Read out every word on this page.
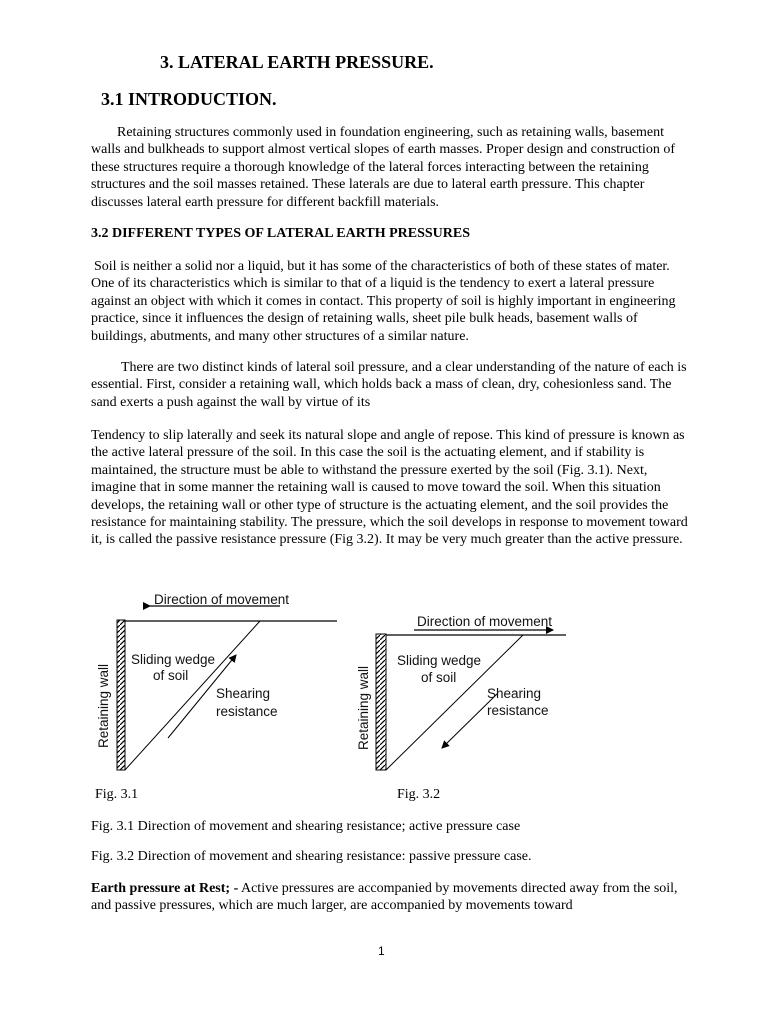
3. LATERAL EARTH PRESSURE.
3.1 INTRODUCTION.

Retaining structures commonly used in foundation engineering, such as retaining walls, basement walls and bulkheads to support almost vertical slopes of earth masses. Proper design and construction of these structures require a thorough knowledge of the lateral forces interacting between the retaining structures and the soil masses retained. These laterals are due to lateral earth pressure. This chapter discusses lateral earth pressure for different backfill materials.

3.2 DIFFERENT TYPES OF LATERAL EARTH PRESSURES

Soil is neither a solid nor a liquid, but it has some of the characteristics of both of these states of mater. One of its characteristics which is similar to that of a liquid is the tendency to exert a lateral pressure against an object with which it comes in contact. This property of soil is highly important in engineering practice, since it influences the design of retaining walls, sheet pile bulk heads, basement walls of buildings, abutments, and many other structures of a similar nature.

There are two distinct kinds of lateral soil pressure, and a clear understanding of the nature of each is essential. First, consider a retaining wall, which holds back a mass of clean, dry, cohesionless sand. The sand exerts a push against the wall by virtue of its

Tendency to slip laterally and seek its natural slope and angle of repose. This kind of pressure is known as the active lateral pressure of the soil. In this case the soil is the actuating element, and if stability is maintained, the structure must be able to withstand the pressure exerted by the soil (Fig. 3.1). Next, imagine that in some manner the retaining wall is caused to move toward the soil. When this situation develops, the retaining wall or other type of structure is the actuating element, and the soil provides the resistance for maintaining stability. The pressure, which the soil develops in response to movement toward it, is called the passive resistance pressure (Fig 3.2). It may be very much greater than the active pressure.

Direction of movement
Retaining wall
Sliding wedge
of soil
Shearing
resistance
Direction of movement
Retaining wall
Sliding wedge
of soil
Shearing
resistance
Fig. 3.1	Fig. 3.2

Fig. 3.1 Direction of movement and shearing resistance; active pressure case

Fig. 3.2 Direction of movement and shearing resistance: passive pressure case.

Earth pressure at Rest; - Active pressures are accompanied by movements directed away from the soil, and passive pressures, which are much larger, are accompanied by movements toward

1
